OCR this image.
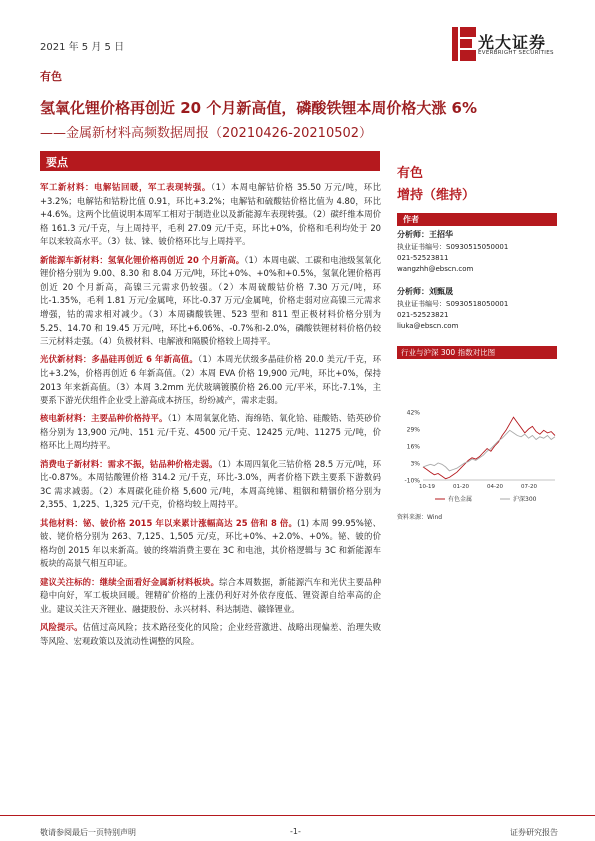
2021 年 5 月 5 日	光大证券
EVERBRIGHT SECURITIES
有色
氢氧化锂价格再创近 20 个月新高值，磷酸铁锂本周价格大涨 6%
——金属新材料高频数据周报（20210426-20210502）
要点

军工新材料：电解钴回暖，军工表现转强。（1）本周电解钴价格 35.50 万元/吨，环比+3.2%；电解钴和钴粉比值 0.91，环比+3.2%；电解钴和硫酸钴价格比值为 4.80，环比+4.6%。这两个比值说明本周军工相对于制造业以及新能源车表现转强。（2）碳纤维本周价格 161.3 元/千克，与上周持平，毛利 27.09 元/千克，环比+0%，价格和毛利均处于 20 年以来较高水平。（3）钛、铼、铍价格环比与上周持平。

新能源车新材料：氢氧化锂价格再创近 20 个月新高。（1）本周电碳、工碳和电池级氢氧化锂价格分别为 9.00、8.30 和 8.04 万元/吨，环比+0%、+0%和+0.5%，氢氧化锂价格再创近 20 个月新高，高镍三元需求仍较强。（2）本周硫酸钴价格 7.30 万元/吨，环比-1.35%，毛利 1.81 万元/金属吨，环比-0.37 万元/金属吨，价格走弱对应高镍三元需求增强，钴的需求相对减少。（3）本周磷酸铁锂、523 型和 811 型正极材料价格分别为 5.25、14.70 和 19.45 万元/吨，环比+6.06%、-0.7%和-2.0%，磷酸铁锂材料价格仍较三元材料走强。（4）负极材料、电解液和隔膜价格较上周持平。

光伏新材料：多晶硅再创近 6 年新高值。（1）本周光伏级多晶硅价格 20.0 美元/千克，环比+3.2%，价格再创近 6 年新高值。（2）本周 EVA 价格 19,900 元/吨，环比+0%，保持 2013 年来新高值。（3）本周 3.2mm 光伏玻璃镀膜价格 26.00 元/平米，环比-7.1%，主要系下游光伏组件企业受上游高成本挤压，纷纷减产，需求走弱。

核电新材料：主要品种价格持平。（1）本周氧氯化锆、海绵锆、氧化铪、硅酸锆、锆英砂价格分别为 13,900 元/吨、151 元/千克、4500 元/千克、12425 元/吨、11275 元/吨，价格环比上周均持平。

消费电子新材料：需求不振，钴品种价格走弱。（1）本周四氧化三钴价格 28.5 万元/吨，环比-0.87%。本周钴酸锂价格 314.2 元/千克，环比-3.0%，两者价格下跌主要系下游数码 3C 需求减弱。（2）本周碳化硅价格 5,600 元/吨，本周高纯锑、粗铟和精铟价格分别为 2,355、1,225、1,325 元/千克，价格均较上周持平。

其他材料：铋、铍价格 2015 年以来累计涨幅高达 25 倍和 8 倍。(1) 本周 99.95%铋、铍、铑价格分别为 263、7,125、1,505 元/克，环比+0%、+2.0%、+0%。铋、铍的价格均创 2015 年以来新高。铍的终端消费主要在 3C 和电池，其价格逻辑与 3C 和新能源车板块的高景气相互印证。

建议关注标的：继续全面看好金属新材料板块。综合本周数据，新能源汽车和光伏主要品种稳中向好，军工板块回暖。锂精矿价格的上涨仍利好对外依存度低、锂资源自给率高的企业。建议关注天齐锂业、融捷股份、永兴材料、科达制造、赣锋锂业。

风险提示。估值过高风险；技术路径变化的风险；企业经营激进、战略出现偏差、治理失败等风险、宏观政策以及流动性调整的风险。

有色
增持（维持）
作者
分析师：王招华
执业证书编号：S0930515050001
021-52523811
wangzhh@ebscn.com
分析师：刘甄晟
执业证书编号：S0930518050001
021-52523821
liuka@ebscn.com
行业与沪深 300 指数对比图
42%
29%
16%
3%
-10%
10-19	01-20	04-20	07-20
有色金属	沪深300
资料来源：Wind
敬请参阅最后一页特别声明	-1-	证券研究报告
